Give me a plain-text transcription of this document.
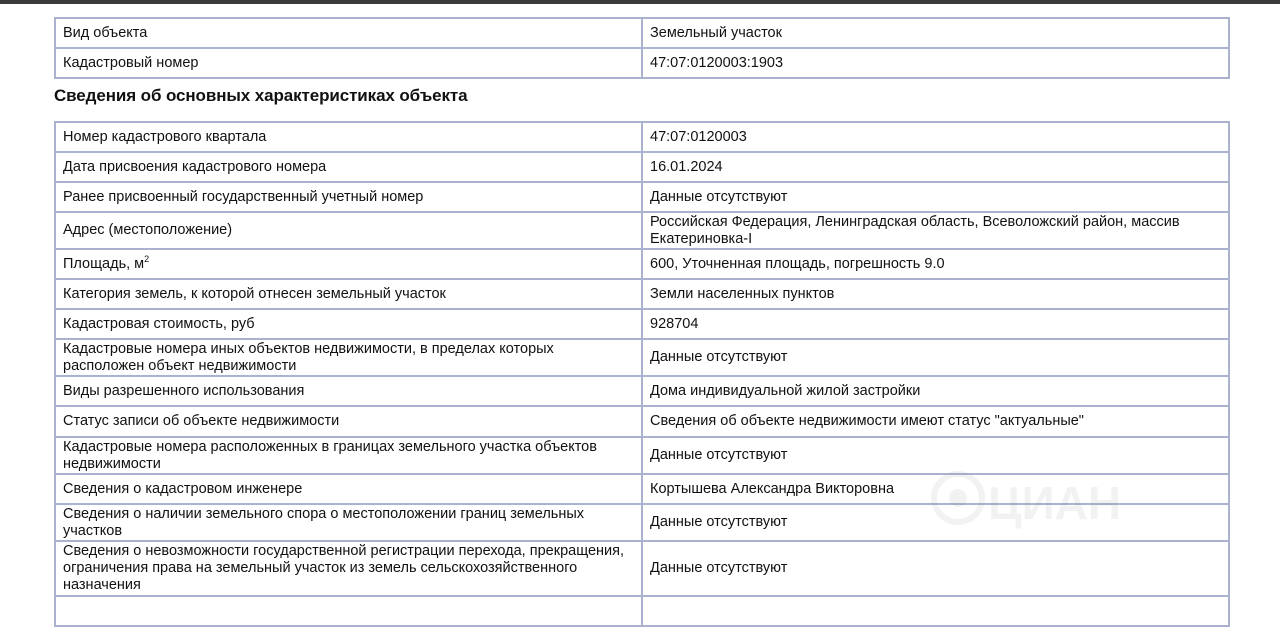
Вид объекта	Земельный участок
Кадастровый номер	47:07:0120003:1903
Сведения об основных характеристиках объекта
Номер кадастрового квартала	47:07:0120003
Дата присвоения кадастрового номера	16.01.2024
Ранее присвоенный государственный учетный номер	Данные отсутствуют
Адрес (местоположение)	Российская Федерация, Ленинградская область, Всеволожский район, массив Екатериновка-I
Площадь, $м^2$	600, Уточненная площадь, погрешность 9.0
Категория земель, к которой отнесен земельный участок	Земли населенных пунктов
Кадастровая стоимость, руб	928704
Кадастровые номера иных объектов недвижимости, в пределах которых расположен объект недвижимости	Данные отсутствуют
Виды разрешенного использования	Дома индивидуальной жилой застройки
Статус записи об объекте недвижимости	Сведения об объекте недвижимости имеют статус "актуальные"
Кадастровые номера расположенных в границах земельного участка объектов недвижимости	Данные отсутствуют
Сведения о кадастровом инженере	Кортышева Александра Викторовна
Сведения о наличии земельного спора о местоположении границ земельных участков	Данные отсутствуют
Сведения о невозможности государственной регистрации перехода, прекращения, ограничения права на земельный участок из земель сельскохозяйственного назначения	Данные отсутствуют

ЦИАН
